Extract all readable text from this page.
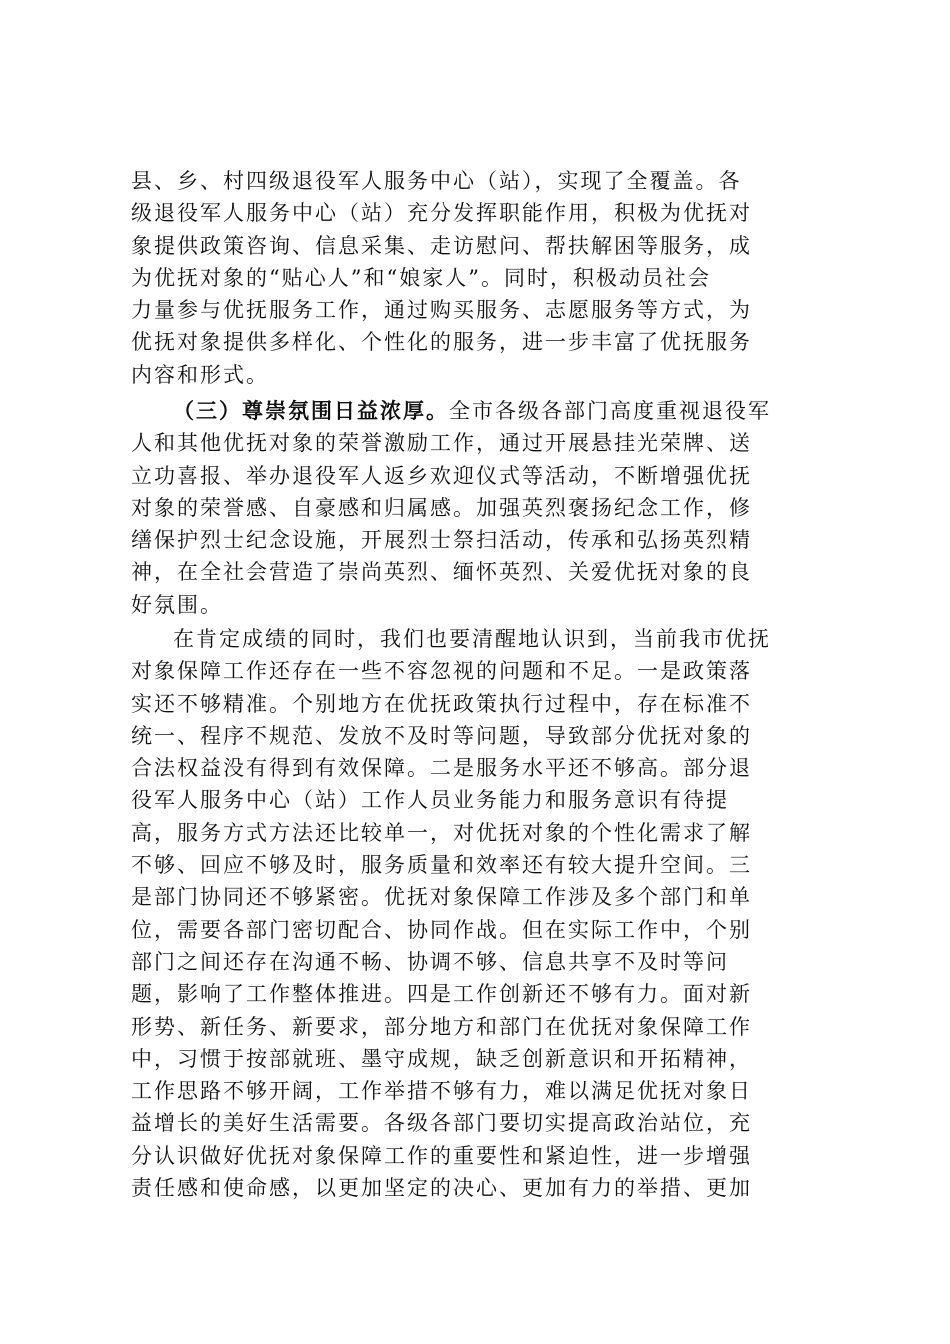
县、乡、村四级退役军人服务中心（站），实现了全覆盖。各
级退役军人服务中心（站）充分发挥职能作用，积极为优抚对
象提供政策咨询、信息采集、走访慰问、帮扶解困等服务，成
为优抚对象的“贴心人”和“娘家人”。同时，积极动员社会
力量参与优抚服务工作，通过购买服务、志愿服务等方式，为
优抚对象提供多样化、个性化的服务，进一步丰富了优抚服务
内容和形式。
（三）尊崇氛围日益浓厚。全市各级各部门高度重视退役军
人和其他优抚对象的荣誉激励工作，通过开展悬挂光荣牌、送
立功喜报、举办退役军人返乡欢迎仪式等活动，不断增强优抚
对象的荣誉感、自豪感和归属感。加强英烈褒扬纪念工作，修
缮保护烈士纪念设施，开展烈士祭扫活动，传承和弘扬英烈精
神，在全社会营造了崇尚英烈、缅怀英烈、关爱优抚对象的良
好氛围。
在肯定成绩的同时，我们也要清醒地认识到，当前我市优抚
对象保障工作还存在一些不容忽视的问题和不足。一是政策落
实还不够精准。个别地方在优抚政策执行过程中，存在标准不
统一、程序不规范、发放不及时等问题，导致部分优抚对象的
合法权益没有得到有效保障。二是服务水平还不够高。部分退
役军人服务中心（站）工作人员业务能力和服务意识有待提
高，服务方式方法还比较单一，对优抚对象的个性化需求了解
不够、回应不够及时，服务质量和效率还有较大提升空间。三
是部门协同还不够紧密。优抚对象保障工作涉及多个部门和单
位，需要各部门密切配合、协同作战。但在实际工作中，个别
部门之间还存在沟通不畅、协调不够、信息共享不及时等问
题，影响了工作整体推进。四是工作创新还不够有力。面对新
形势、新任务、新要求，部分地方和部门在优抚对象保障工作
中，习惯于按部就班、墨守成规，缺乏创新意识和开拓精神，
工作思路不够开阔，工作举措不够有力，难以满足优抚对象日
益增长的美好生活需要。各级各部门要切实提高政治站位，充
分认识做好优抚对象保障工作的重要性和紧迫性，进一步增强
责任感和使命感，以更加坚定的决心、更加有力的举措、更加
